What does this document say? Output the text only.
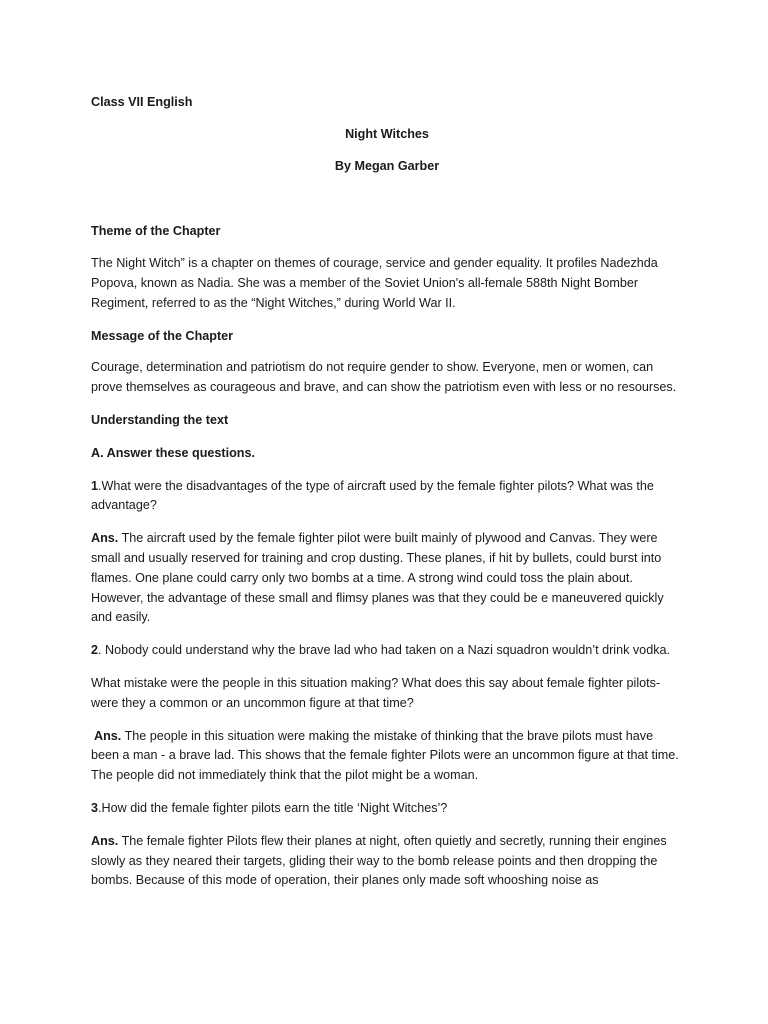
Class VII English

Night Witches

By Megan Garber

Theme of the Chapter

The Night Witch” is a chapter on themes of courage, service and gender equality. It profiles Nadezhda Popova, known as Nadia. She was a member of the Soviet Union's all-female 588th Night Bomber Regiment, referred to as the “Night Witches,” during World War II.

Message of the Chapter

Courage, determination and patriotism do not require gender to show. Everyone, men or women, can prove themselves as courageous and brave, and can show the patriotism even with less or no resourses.

Understanding the text

A. Answer these questions.

1.What were the disadvantages of the type of aircraft used by the female fighter pilots? What was the advantage?

Ans. The aircraft used by the female fighter pilot were built mainly of plywood and Canvas. They were small and usually reserved for training and crop dusting. These planes, if hit by bullets, could burst into flames. One plane could carry only two bombs at a time. A strong wind could toss the plain about. However, the advantage of these small and flimsy planes was that they could be e maneuvered quickly and easily.

2. Nobody could understand why the brave lad who had taken on a Nazi squadron wouldn’t drink vodka.

What mistake were the people in this situation making? What does this say about female fighter pilots-were they a common or an uncommon figure at that time?

Ans. The people in this situation were making the mistake of thinking that the brave pilots must have been a man - a brave lad. This shows that the female fighter Pilots were an uncommon figure at that time. The people did not immediately think that the pilot might be a woman.

3.How did the female fighter pilots earn the title ‘Night Witches’?

Ans. The female fighter Pilots flew their planes at night, often quietly and secretly, running their engines slowly as they neared their targets, gliding their way to the bomb release points and then dropping the bombs. Because of this mode of operation, their planes only made soft whooshing noise as
